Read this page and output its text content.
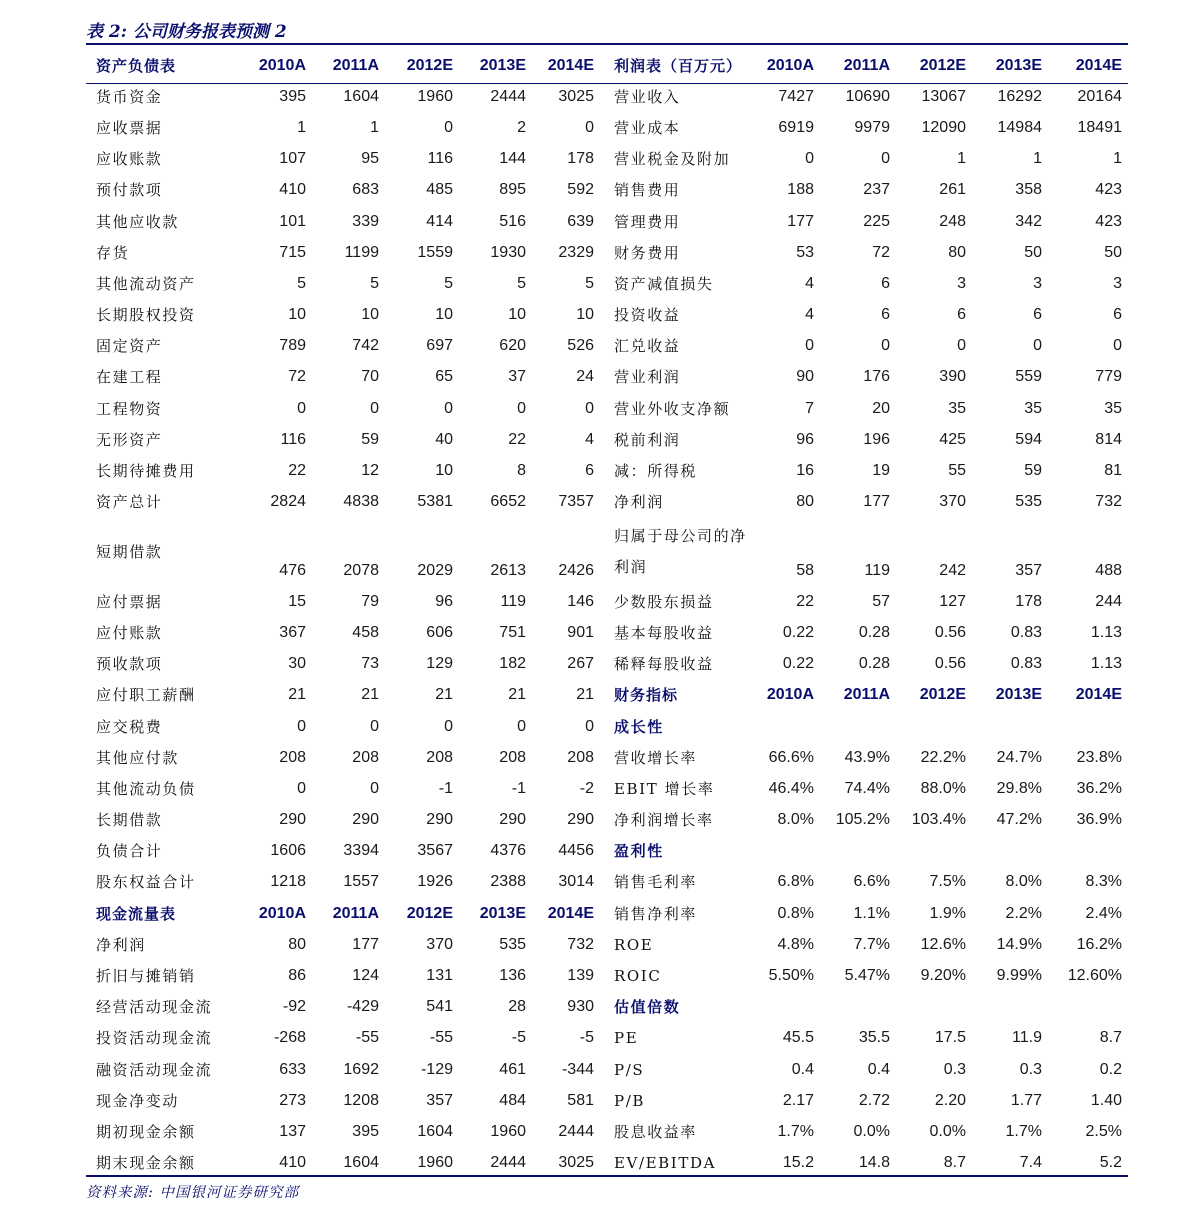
表 2: 公司财务报表预测 2
资产负债表	2010A	2011A	2012E	2013E	2014E
货币资金	395	1604	1960	2444	3025
应收票据	1	1	0	2	0
应收账款	107	95	116	144	178
预付款项	410	683	485	895	592
其他应收款	101	339	414	516	639
存货	715	1199	1559	1930	2329
其他流动资产	5	5	5	5	5
长期股权投资	10	10	10	10	10
固定资产	789	742	697	620	526
在建工程	72	70	65	37	24
工程物资	0	0	0	0	0
无形资产	116	59	40	22	4
长期待摊费用	22	12	10	8	6
资产总计	2824	4838	5381	6652	7357
短期借款	476	2078	2029	2613	2426
应付票据	15	79	96	119	146
应付账款	367	458	606	751	901
预收款项	30	73	129	182	267
应付职工薪酬	21	21	21	21	21
应交税费	0	0	0	0	0
其他应付款	208	208	208	208	208
其他流动负债	0	0	-1	-1	-2
长期借款	290	290	290	290	290
负债合计	1606	3394	3567	4376	4456
股东权益合计	1218	1557	1926	2388	3014
现金流量表	2010A	2011A	2012E	2013E	2014E
净利润	80	177	370	535	732
折旧与摊销销	86	124	131	136	139
经营活动现金流	-92	-429	541	28	930
投资活动现金流	-268	-55	-55	-5	-5
融资活动现金流	633	1692	-129	461	-344
现金净变动	273	1208	357	484	581
期初现金余额	137	395	1604	1960	2444
期末现金余额	410	1604	1960	2444	3025
利润表（百万元）	2010A	2011A	2012E	2013E	2014E
营业收入	7427	10690	13067	16292	20164
营业成本	6919	9979	12090	14984	18491
营业税金及附加	0	0	1	1	1
销售费用	188	237	261	358	423
管理费用	177	225	248	342	423
财务费用	53	72	80	50	50
资产减值损失	4	6	3	3	3
投资收益	4	6	6	6	6
汇兑收益	0	0	0	0	0
营业利润	90	176	390	559	779
营业外收支净额	7	20	35	35	35
税前利润	96	196	425	594	814
减：所得税	16	19	55	59	81
净利润	80	177	370	535	732
归属于母公司的净利润	58	119	242	357	488
少数股东损益	22	57	127	178	244
基本每股收益	0.22	0.28	0.56	0.83	1.13
稀释每股收益	0.22	0.28	0.56	0.83	1.13
财务指标	2010A	2011A	2012E	2013E	2014E
成长性					
营收增长率	66.6%	43.9%	22.2%	24.7%	23.8%
EBIT 增长率	46.4%	74.4%	88.0%	29.8%	36.2%
净利润增长率	8.0%	105.2%	103.4%	47.2%	36.9%
盈利性					
销售毛利率	6.8%	6.6%	7.5%	8.0%	8.3%
销售净利率	0.8%	1.1%	1.9%	2.2%	2.4%
ROE	4.8%	7.7%	12.6%	14.9%	16.2%
ROIC	5.50%	5.47%	9.20%	9.99%	12.60%
估值倍数					
PE	45.5	35.5	17.5	11.9	8.7
P/S	0.4	0.4	0.3	0.3	0.2
P/B	2.17	2.72	2.20	1.77	1.40
股息收益率	1.7%	0.0%	0.0%	1.7%	2.5%
EV/EBITDA	15.2	14.8	8.7	7.4	5.2
资料来源: 中国银河证券研究部
